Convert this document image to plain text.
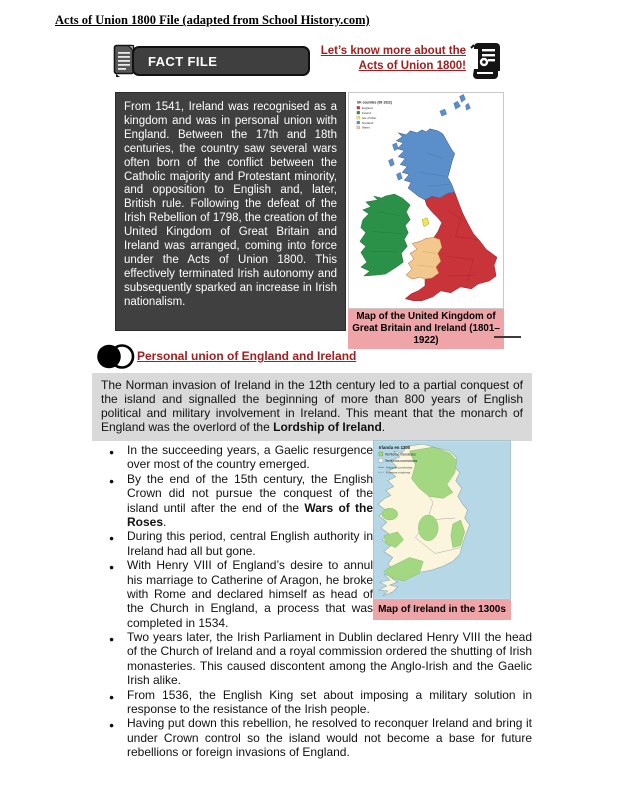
Acts of Union 1800 File (adapted from School History.com)
FACT FILE
Let’s know more about the
Acts of Union 1800!
From 1541, Ireland was recognised as a kingdom and was in personal union with England. Between the 17th and 18th centuries, the country saw several wars often born of the conflict between the Catholic majority and Protestant minority, and opposition to English and, later, British rule. Following the defeat of the Irish Rebellion of 1798, the creation of the United Kingdom of Great Britain and Ireland was arranged, coming into force under the Acts of Union 1800. This effectively terminated Irish autonomy and subsequently sparked an increase in Irish nationalism.
UK counties (till 1922)
England
Ireland
Isle of Man
Scotland
Wales
Map of the United Kingdom of Great Britain and Ireland (1801–1922)
Personal union of England and Ireland
The Norman invasion of Ireland in the 12th century led to a partial conquest of the island and signalled the beginning of more than 800 years of English political and military involvement in Ireland. This meant that the monarch of England was the overlord of the Lordship of Ireland.
● In the succeeding years, a Gaelic resurgence over most of the country emerged.
● By the end of the 15th century, the English Crown did not pursue the conquest of the island until after the end of the Wars of the Roses.
● During this period, central English authority in Ireland had all but gone.
● With Henry VIII of England’s desire to annul his marriage to Catherine of Aragon, he broke with Rome and declared himself as head of the Church in England, a process that was completed in 1534.
Irlanda en 1300
Territorios irlandeses
Territorios normandos
Antiguas provincias
Frontera moderna
Map of Ireland in the 1300s
● Two years later, the Irish Parliament in Dublin declared Henry VIII the head of the Church of Ireland and a royal commission ordered the shutting of Irish monasteries. This caused discontent among the Anglo-Irish and the Gaelic Irish alike.
● From 1536, the English King set about imposing a military solution in response to the resistance of the Irish people.
● Having put down this rebellion, he resolved to reconquer Ireland and bring it under Crown control so the island would not become a base for future rebellions or foreign invasions of England.
